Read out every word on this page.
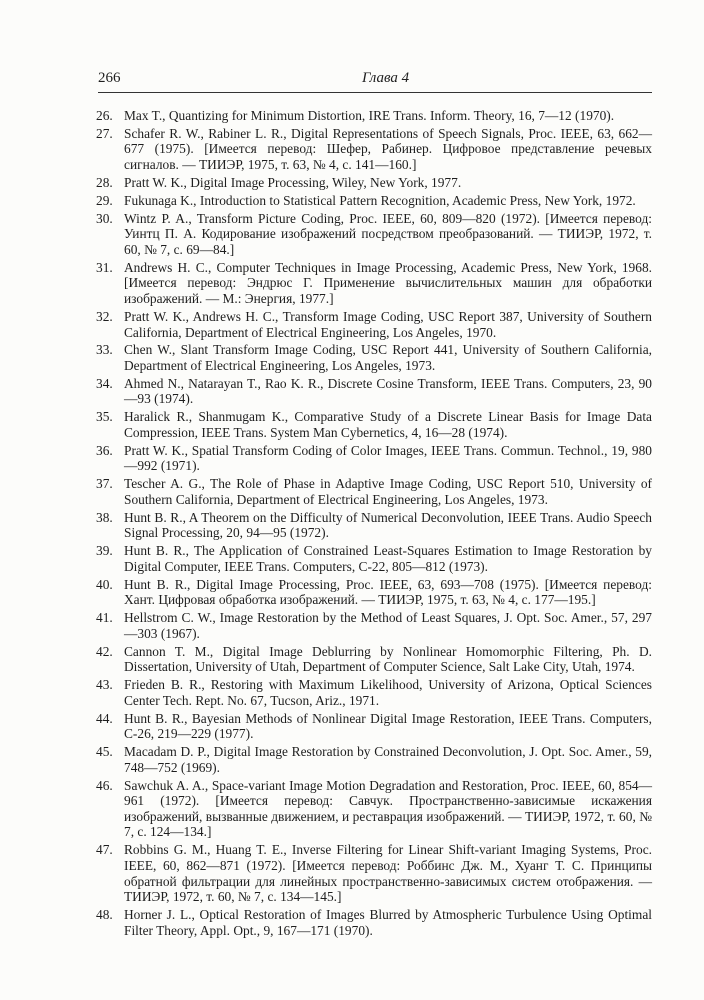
266	Глава 4
26. Max T., Quantizing for Minimum Distortion, IRE Trans. Inform. Theory, 16, 7—12 (1970).
27. Schafer R. W., Rabiner L. R., Digital Representations of Speech Signals, Proc. IEEE, 63, 662—677 (1975). [Имеется перевод: Шефер, Рабинер. Цифровое представление речевых сигналов. — ТИИЭР, 1975, т. 63, № 4, с. 141—160.]
28. Pratt W. K., Digital Image Processing, Wiley, New York, 1977.
29. Fukunaga K., Introduction to Statistical Pattern Recognition, Academic Press, New York, 1972.
30. Wintz P. A., Transform Picture Coding, Proc. IEEE, 60, 809—820 (1972). [Имеется перевод: Уинтц П. А. Кодирование изображений посредством преобразований. — ТИИЭР, 1972, т. 60, № 7, с. 69—84.]
31. Andrews H. C., Computer Techniques in Image Processing, Academic Press, New York, 1968. [Имеется перевод: Эндрюс Г. Применение вычислительных машин для обработки изображений. — М.: Энергия, 1977.]
32. Pratt W. K., Andrews H. C., Transform Image Coding, USC Report 387, University of Southern California, Department of Electrical Engineering, Los Angeles, 1970.
33. Chen W., Slant Transform Image Coding, USC Report 441, University of Southern California, Department of Electrical Engineering, Los Angeles, 1973.
34. Ahmed N., Natarayan T., Rao K. R., Discrete Cosine Transform, IEEE Trans. Computers, 23, 90—93 (1974).
35. Haralick R., Shanmugam K., Comparative Study of a Discrete Linear Basis for Image Data Compression, IEEE Trans. System Man Cybernetics, 4, 16—28 (1974).
36. Pratt W. K., Spatial Transform Coding of Color Images, IEEE Trans. Commun. Technol., 19, 980—992 (1971).
37. Tescher A. G., The Role of Phase in Adaptive Image Coding, USC Report 510, University of Southern California, Department of Electrical Engineering, Los Angeles, 1973.
38. Hunt B. R., A Theorem on the Difficulty of Numerical Deconvolution, IEEE Trans. Audio Speech Signal Processing, 20, 94—95 (1972).
39. Hunt B. R., The Application of Constrained Least-Squares Estimation to Image Restoration by Digital Computer, IEEE Trans. Computers, C-22, 805—812 (1973).
40. Hunt B. R., Digital Image Processing, Proc. IEEE, 63, 693—708 (1975). [Имеется перевод: Хант. Цифровая обработка изображений. — ТИИЭР, 1975, т. 63, № 4, с. 177—195.]
41. Hellstrom C. W., Image Restoration by the Method of Least Squares, J. Opt. Soc. Amer., 57, 297—303 (1967).
42. Cannon T. M., Digital Image Deblurring by Nonlinear Homomorphic Filtering, Ph. D. Dissertation, University of Utah, Department of Computer Science, Salt Lake City, Utah, 1974.
43. Frieden B. R., Restoring with Maximum Likelihood, University of Arizona, Optical Sciences Center Tech. Rept. No. 67, Tucson, Ariz., 1971.
44. Hunt B. R., Bayesian Methods of Nonlinear Digital Image Restoration, IEEE Trans. Computers, C-26, 219—229 (1977).
45. Macadam D. P., Digital Image Restoration by Constrained Deconvolution, J. Opt. Soc. Amer., 59, 748—752 (1969).
46. Sawchuk A. A., Space-variant Image Motion Degradation and Restoration, Proc. IEEE, 60, 854—961 (1972). [Имеется перевод: Савчук. Пространственно-зависимые искажения изображений, вызванные движением, и реставрация изображений. — ТИИЭР, 1972, т. 60, № 7, с. 124—134.]
47. Robbins G. M., Huang T. E., Inverse Filtering for Linear Shift-variant Imaging Systems, Proc. IEEE, 60, 862—871 (1972). [Имеется перевод: Роббинс Дж. М., Хуанг Т. С. Принципы обратной фильтрации для линейных пространственно-зависимых систем отображения. — ТИИЭР, 1972, т. 60, № 7, с. 134—145.]
48. Horner J. L., Optical Restoration of Images Blurred by Atmospheric Turbulence Using Optimal Filter Theory, Appl. Opt., 9, 167—171 (1970).
